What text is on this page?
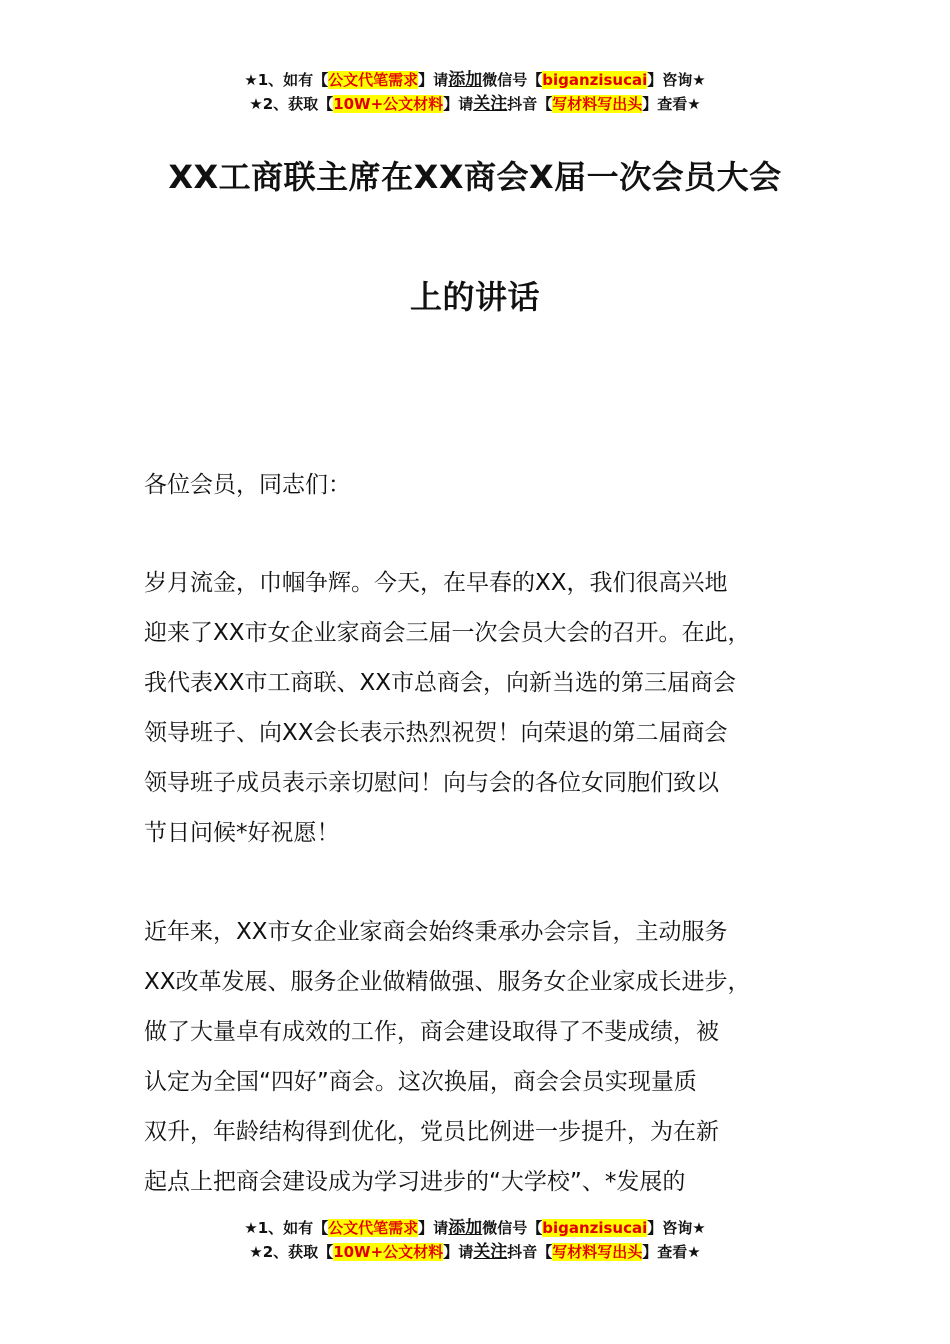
★1、如有【公文代笔需求】请添加微信号【biganzisucai】咨询★
★2、获取【10W+公文材料】请关注抖音【写材料写出头】查看★
XX工商联主席在XX商会X届一次会员大会
上的讲话

各位会员，同志们：

岁月流金，巾帼争辉。今天，在早春的XX，我们很高兴地
迎来了XX市女企业家商会三届一次会员大会的召开。在此，
我代表XX市工商联、XX市总商会，向新当选的第三届商会
领导班子、向XX会长表示热烈祝贺！向荣退的第二届商会
领导班子成员表示亲切慰问！向与会的各位女同胞们致以
节日问候*好祝愿！

近年来，XX市女企业家商会始终秉承办会宗旨，主动服务
XX改革发展、服务企业做精做强、服务女企业家成长进步，
做了大量卓有成效的工作，商会建设取得了不斐成绩，被
认定为全国“四好”商会。这次换届，商会会员实现量质
双升，年龄结构得到优化，党员比例进一步提升，为在新
起点上把商会建设成为学习进步的“大学校”、*发展的

★1、如有【公文代笔需求】请添加微信号【biganzisucai】咨询★
★2、获取【10W+公文材料】请关注抖音【写材料写出头】查看★
